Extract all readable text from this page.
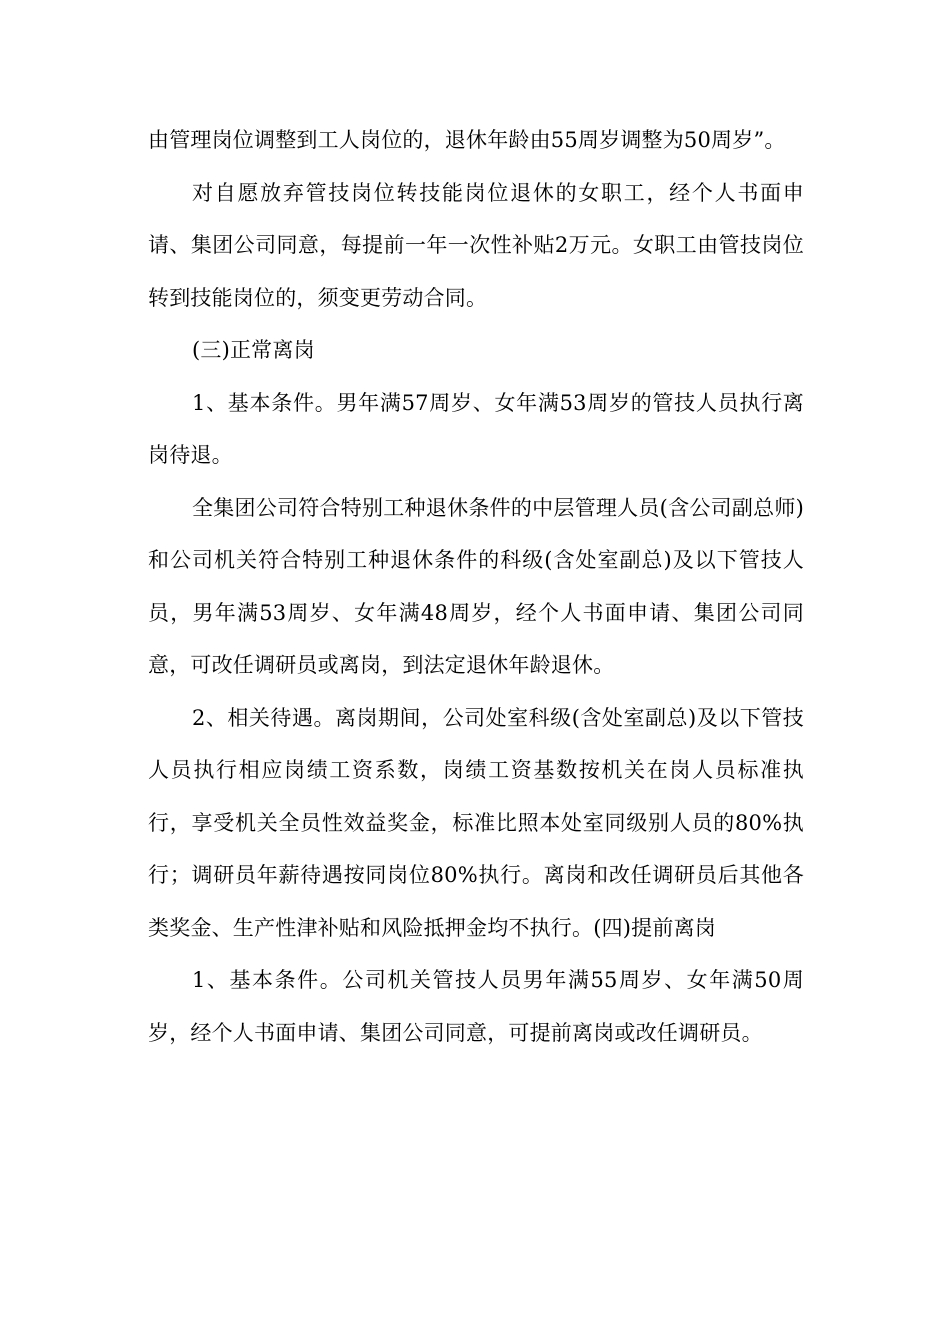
由管理岗位调整到工人岗位的，退休年龄由55周岁调整为50周岁”。

对自愿放弃管技岗位转技能岗位退休的女职工，经个人书面申请、集团公司同意，每提前一年一次性补贴2万元。女职工由管技岗位转到技能岗位的，须变更劳动合同。

(三)正常离岗

1、基本条件。男年满57周岁、女年满53周岁的管技人员执行离岗待退。

全集团公司符合特别工种退休条件的中层管理人员(含公司副总师)和公司机关符合特别工种退休条件的科级(含处室副总)及以下管技人员，男年满53周岁、女年满48周岁，经个人书面申请、集团公司同意，可改任调研员或离岗，到法定退休年龄退休。

2、相关待遇。离岗期间，公司处室科级(含处室副总)及以下管技人员执行相应岗绩工资系数，岗绩工资基数按机关在岗人员标准执行，享受机关全员性效益奖金，标准比照本处室同级别人员的80%执行；调研员年薪待遇按同岗位80%执行。离岗和改任调研员后其他各类奖金、生产性津补贴和风险抵押金均不执行。(四)提前离岗

1、基本条件。公司机关管技人员男年满55周岁、女年满50周岁，经个人书面申请、集团公司同意，可提前离岗或改任调研员。
